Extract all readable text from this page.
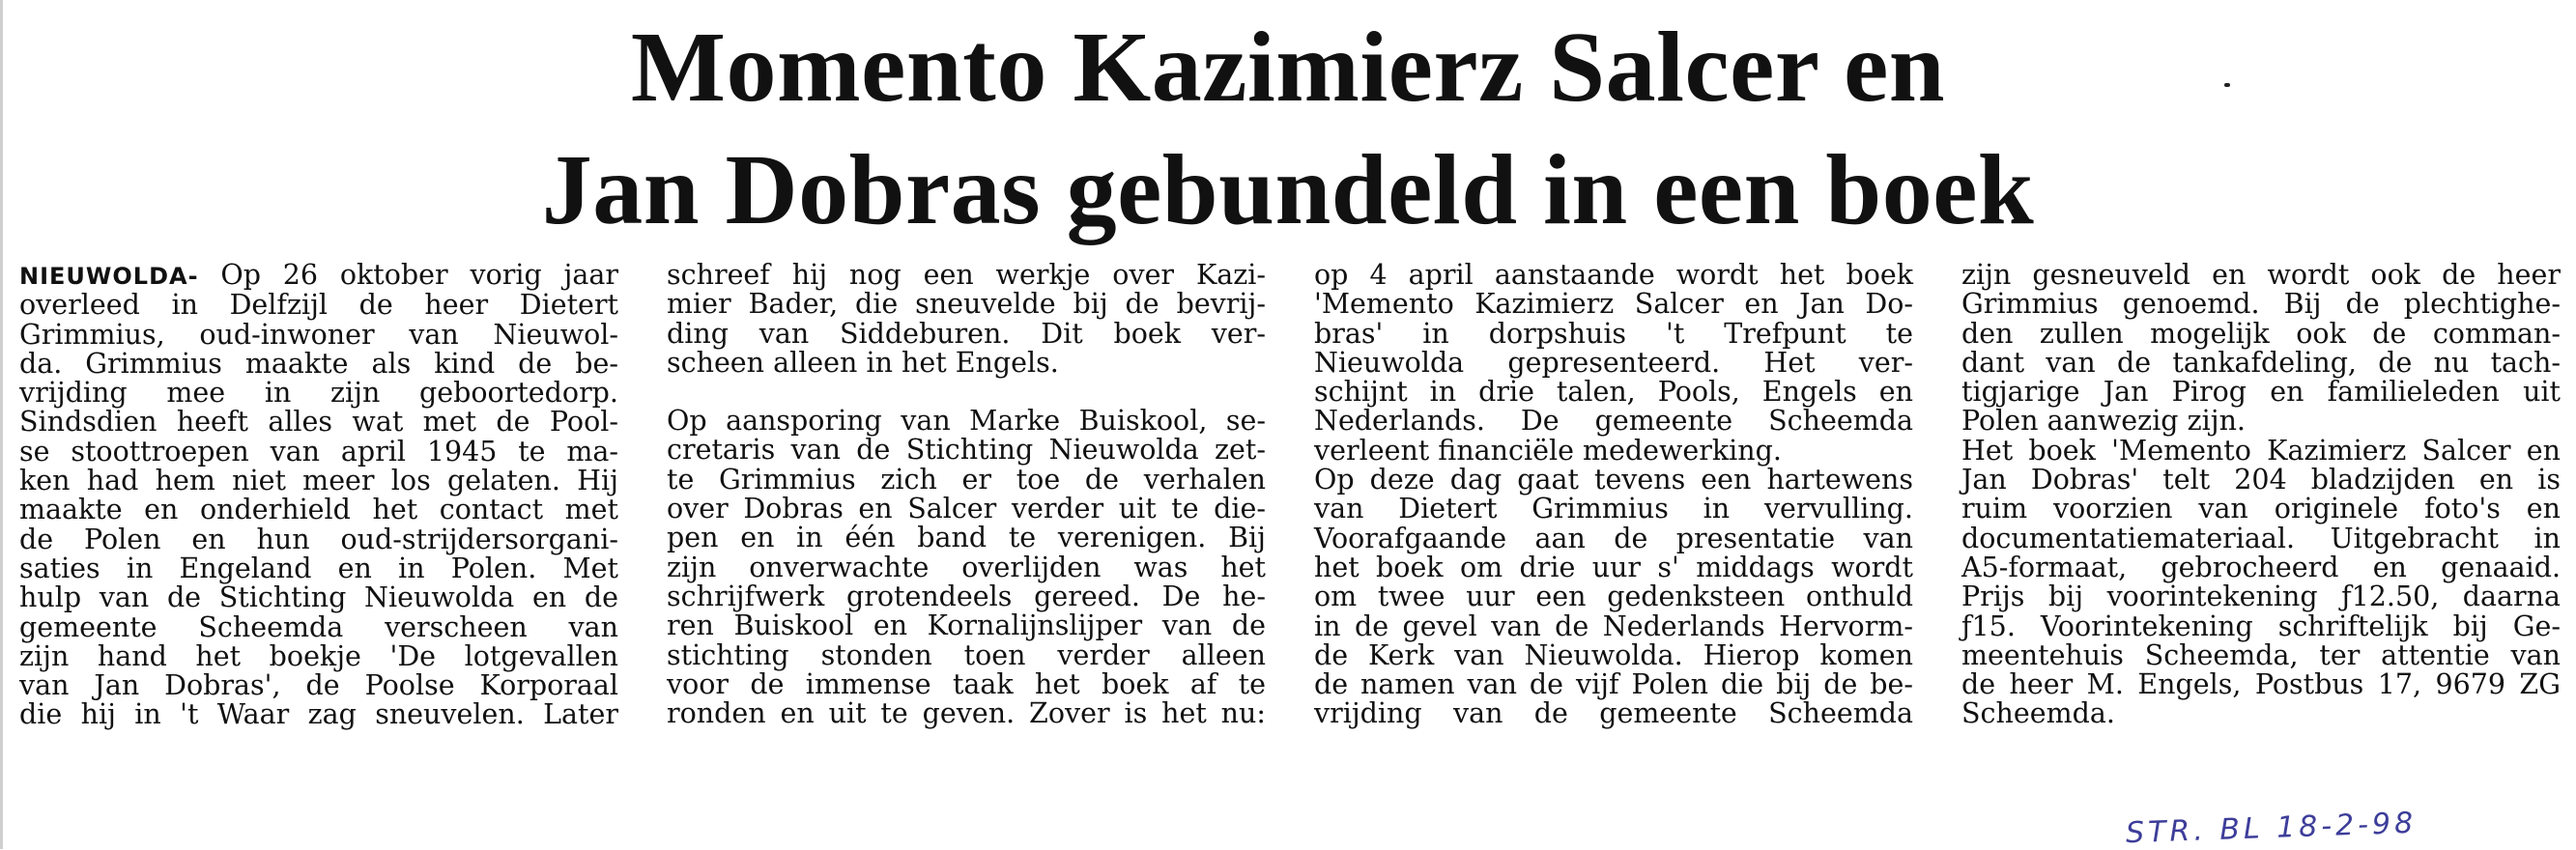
Momento Kazimierz Salcer en
Jan Dobras gebundeld in een boek
NIEUWOLDA- Op 26 oktober vorig jaar
overleed in Delfzijl de heer Dietert
Grimmius, oud-inwoner van Nieuwol-
da. Grimmius maakte als kind de be-
vrijding mee in zijn geboortedorp.
Sindsdien heeft alles wat met de Pool-
se stoottroepen van april 1945 te ma-
ken had hem niet meer los gelaten. Hij
maakte en onderhield het contact met
de Polen en hun oud-strijdersorgani-
saties in Engeland en in Polen. Met
hulp van de Stichting Nieuwolda en de
gemeente Scheemda verscheen van
zijn hand het boekje 'De lotgevallen
van Jan Dobras', de Poolse Korporaal
die hij in 't Waar zag sneuvelen. Later
schreef hij nog een werkje over Kazi-
mier Bader, die sneuvelde bij de bevrij-
ding van Siddeburen. Dit boek ver-
scheen alleen in het Engels.
Op aansporing van Marke Buiskool, se-
cretaris van de Stichting Nieuwolda zet-
te Grimmius zich er toe de verhalen
over Dobras en Salcer verder uit te die-
pen en in één band te verenigen. Bij
zijn onverwachte overlijden was het
schrijfwerk grotendeels gereed. De he-
ren Buiskool en Kornalijnslijper van de
stichting stonden toen verder alleen
voor de immense taak het boek af te
ronden en uit te geven. Zover is het nu:
op 4 april aanstaande wordt het boek
'Memento Kazimierz Salcer en Jan Do-
bras' in dorpshuis 't Trefpunt te
Nieuwolda gepresenteerd. Het ver-
schijnt in drie talen, Pools, Engels en
Nederlands. De gemeente Scheemda
verleent financiële medewerking.
Op deze dag gaat tevens een hartewens
van Dietert Grimmius in vervulling.
Voorafgaande aan de presentatie van
het boek om drie uur s' middags wordt
om twee uur een gedenksteen onthuld
in de gevel van de Nederlands Hervorm-
de Kerk van Nieuwolda. Hierop komen
de namen van de vijf Polen die bij de be-
vrijding van de gemeente Scheemda
zijn gesneuveld en wordt ook de heer
Grimmius genoemd. Bij de plechtighe-
den zullen mogelijk ook de comman-
dant van de tankafdeling, de nu tach-
tigjarige Jan Pirog en familieleden uit
Polen aanwezig zijn.
Het boek 'Memento Kazimierz Salcer en
Jan Dobras' telt 204 bladzijden en is
ruim voorzien van originele foto's en
documentatiemateriaal. Uitgebracht in
A5-formaat, gebrocheerd en genaaid.
Prijs bij voorintekening ƒ12.50, daarna
ƒ15. Voorintekening schriftelijk bij Ge-
meentehuis Scheemda, ter attentie van
de heer M. Engels, Postbus 17, 9679 ZG
Scheemda.
STR. BL 18-2-98
